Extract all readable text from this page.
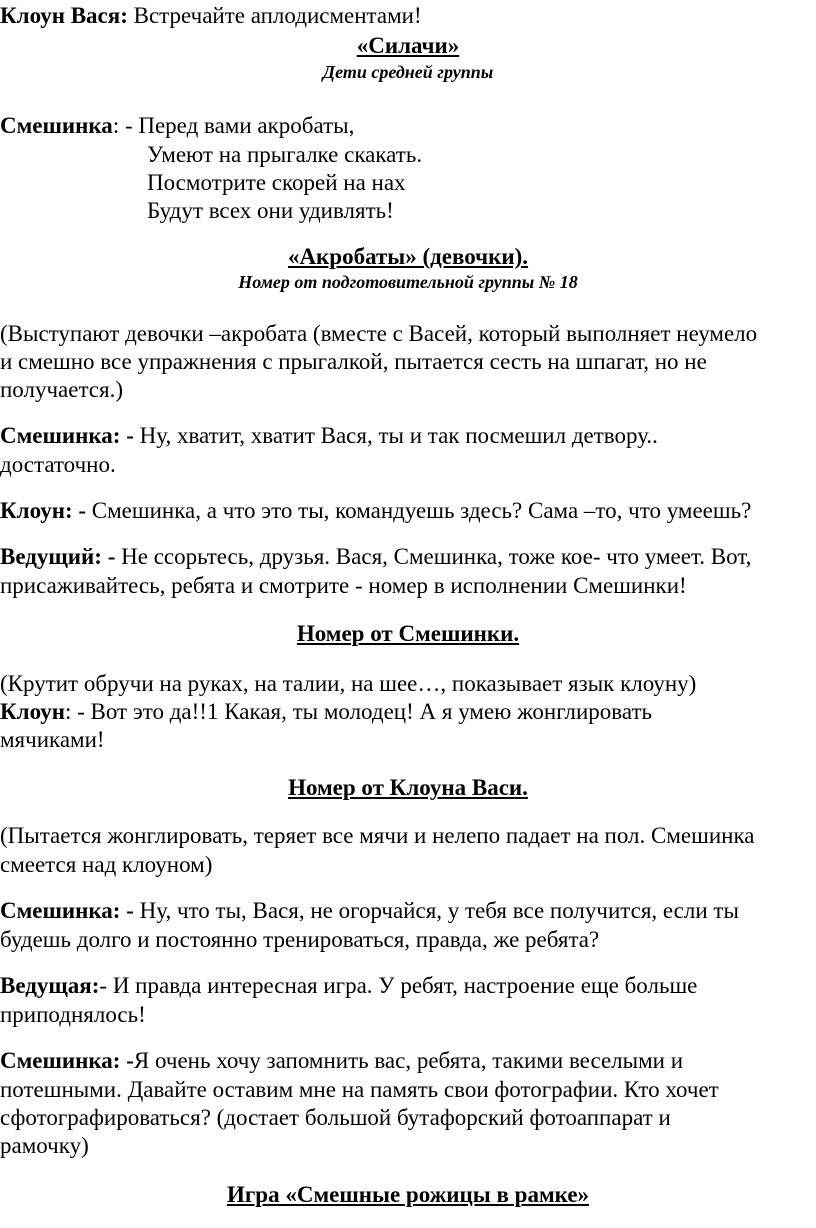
Клоун Вася: Встречайте аплодисментами!
«Силачи»
Дети средней группы
Смешинка: - Перед вами акробаты,
Умеют на прыгалке скакать.
Посмотрите скорей на нах
Будут всех они удивлять!
«Акробаты» (девочки).
Номер от подготовительной группы № 18
(Выступают девочки –акробата (вместе с Васей, который выполняет неумело
и смешно все упражнения с прыгалкой, пытается сесть на шпагат, но не
получается.)
Смешинка: - Ну, хватит, хватит Вася, ты и так посмешил детвору..
достаточно.
Клоун: - Смешинка, а что это ты, командуешь здесь? Сама –то, что умеешь?
Ведущий: - Не ссорьтесь, друзья. Вася, Смешинка, тоже кое- что умеет. Вот,
присаживайтесь, ребята и смотрите - номер в исполнении Смешинки!
Номер от Смешинки.
(Крутит обручи на руках, на талии, на шее…, показывает язык клоуну)
Клоун: - Вот это да!!1 Какая, ты молодец! А я умею жонглировать
мячиками!
Номер от Клоуна Васи.
(Пытается жонглировать, теряет все мячи и нелепо падает на пол. Смешинка
смеется над клоуном)
Смешинка: - Ну, что ты, Вася, не огорчайся, у тебя все получится, если ты
будешь долго и постоянно тренироваться, правда, же ребята?
Ведущая:- И правда интересная игра. У ребят, настроение еще больше
приподнялось!
Смешинка: -Я очень хочу запомнить вас, ребята, такими веселыми и
потешными. Давайте оставим мне на память свои фотографии. Кто хочет
сфотографироваться? (достает большой бутафорский фотоаппарат и
рамочку)
Игра «Смешные рожицы в рамке»
